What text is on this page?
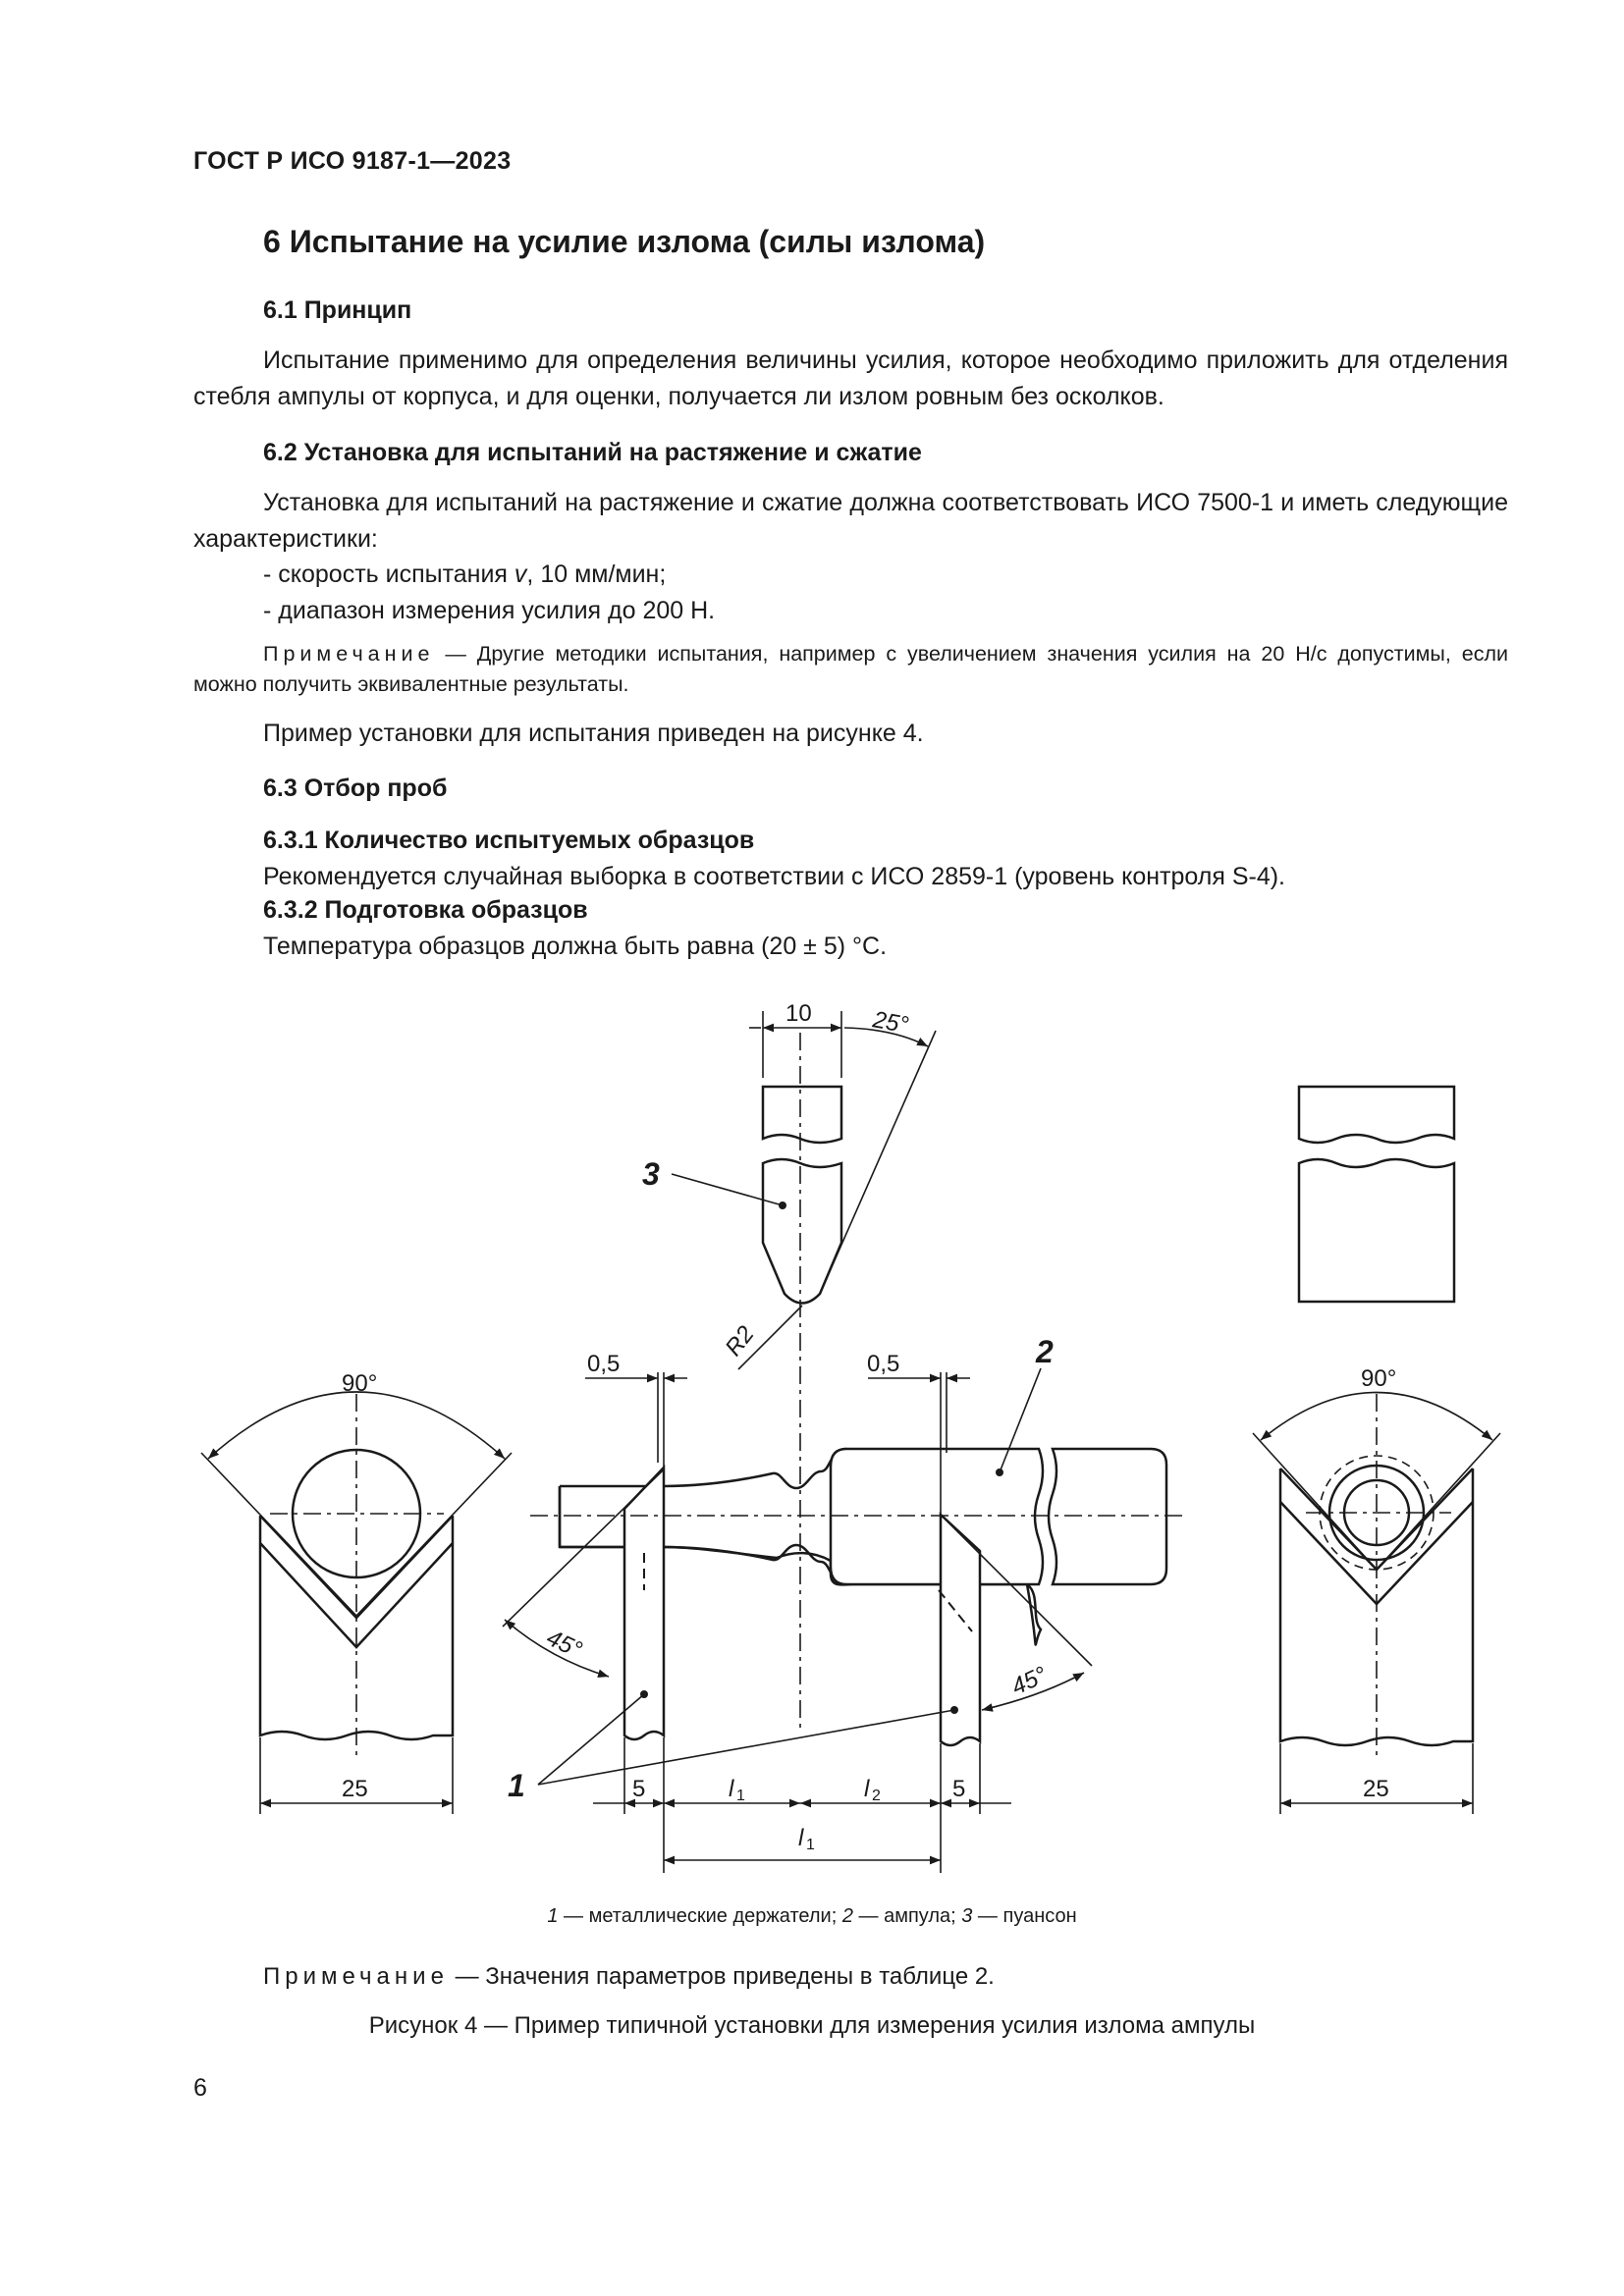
ГОСТ Р ИСО 9187-1—2023
6 Испытание на усилие излома (силы излома)
6.1 Принцип
Испытание применимо для определения величины усилия, которое необходимо приложить для отделения стебля ампулы от корпуса, и для оценки, получается ли излом ровным без осколков.
6.2 Установка для испытаний на растяжение и сжатие
Установка для испытаний на растяжение и сжатие должна соответствовать ИСО 7500-1 и иметь следующие характеристики:
- скорость испытания v, 10 мм/мин;
- диапазон измерения усилия до 200 Н.
Примечание — Другие методики испытания, например с увеличением значения усилия на 20 Н/с допустимы, если можно получить эквивалентные результаты.
Пример установки для испытания приведен на рисунке 4.
6.3 Отбор проб
6.3.1 Количество испытуемых образцов
Рекомендуется случайная выборка в соответствии с ИСО 2859-1 (уровень контроля S-4).
6.3.2 Подготовка образцов
Температура образцов должна быть равна (20 ± 5) °С.
10	25°
3
R2
0,5	0,5	2
90°	90°
45°
45°
1
25	25
5	5
l 1	l 2
l 1
1 — металлические держатели; 2 — ампула; 3 — пуансон
Примечание — Значения параметров приведены в таблице 2.
Рисунок 4 — Пример типичной установки для измерения усилия излома ампулы
6
